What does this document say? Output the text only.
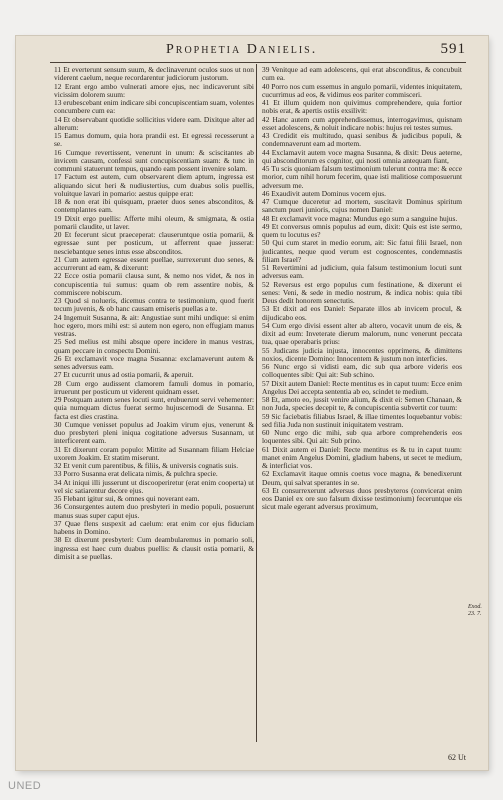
Prophetia Danielis.	591

11 Et everterunt sensum suum, & declinaverunt oculos suos ut non viderent caelum, neque recordarentur judiciorum justorum.

12 Erant ergo ambo vulnerati amore ejus, nec indicaverunt sibi vicissim dolorem suum:

13 erubescebant enim indicare sibi concupiscentiam suam, volentes concumbere cum ea:

14 Et observabant quotidie sollicitius videre eam. Dixitque alter ad alterum:

15 Eamus domum, quia hora prandii est. Et egressi recesserunt a se.

16 Cumque revertissent, venerunt in unum: & sciscitantes ab invicem causam, confessi sunt concupiscentiam suam: & tunc in communi statuerunt tempus, quando eam possent invenire solam.

17 Factum est autem, cum observarent diem aptum, ingressa est aliquando sicut heri & nudiustertius, cum duabus solis puellis, voluitque lavari in pomario: aestus quippe erat:

18 & non erat ibi quisquam, praeter duos senes absconditos, & contemplantes eam.

19 Dixit ergo puellis: Afferte mihi oleum, & smigmata, & ostia pomarii claudite, ut laver.

20 Et fecerunt sicut praeceperat: clauseruntque ostia pomarii, & egressae sunt per posticum, ut afferrent quae jusserat: nesciebantque senes intus esse absconditos.

21 Cum autem egressae essent puellae, surrexerunt duo senes, & accurrerunt ad eam, & dixerunt:

22 Ecce ostia pomarii clausa sunt, & nemo nos videt, & nos in concupiscentia tui sumus: quam ob rem assentire nobis, & commiscere nobiscum.

23 Quod si nolueris, dicemus contra te testimonium, quod fuerit tecum juvenis, & ob hanc causam emiseris puellas a te.

24 Ingemuit Susanna, & ait: Angustiae sunt mihi undique: si enim hoc egero, mors mihi est: si autem non egero, non effugiam manus vestras.

25 Sed melius est mihi absque opere incidere in manus vestras, quam peccare in conspectu Domini.

26 Et exclamavit voce magna Susanna: exclamaverunt autem & senes adversus eam.

27 Et cucurrit unus ad ostia pomarii, & aperuit.

28 Cum ergo audissent clamorem famuli domus in pomario, irruerunt per posticum ut viderent quidnam esset.

29 Postquam autem senes locuti sunt, erubuerunt servi vehementer: quia numquam dictus fuerat sermo hujuscemodi de Susanna. Et facta est dies crastina.

30 Cumque venisset populus ad Joakim virum ejus, venerunt & duo presbyteri pleni iniqua cogitatione adversus Susannam, ut interficerent eam.

31 Et dixerunt coram populo: Mittite ad Susannam filiam Helciae uxorem Joakim. Et statim miserunt.

32 Et venit cum parentibus, & filiis, & universis cognatis suis.

33 Porro Susanna erat delicata nimis, & pulchra specie.

34 At iniqui illi jusserunt ut discooperiretur (erat enim cooperta) ut vel sic satiarentur decore ejus.

35 Flebant igitur sui, & omnes qui noverant eam.

36 Consurgentes autem duo presbyteri in medio populi, posuerunt manus suas super caput ejus.

37 Quae flens suspexit ad caelum: erat enim cor ejus fiduciam habens in Domino.

38 Et dixerunt presbyteri: Cum deambularemus in pomario soli, ingressa est haec cum duabus puellis: & clausit ostia pomarii, & dimisit a se puellas.

39 Venitque ad eam adolescens, qui erat absconditus, & concubuit cum ea.

40 Porro nos cum essemus in angulo pomarii, videntes iniquitatem, cucurrimus ad eos, & vidimus eos pariter commisceri.

41 Et illum quidem non quivimus comprehendere, quia fortior nobis erat, & apertis ostiis exsilivit:

42 Hanc autem cum apprehendissemus, interrogavimus, quisnam esset adolescens, & noluit indicare nobis: hujus rei testes sumus.

43 Credidit eis multitudo, quasi senibus & judicibus populi, & condemnaverunt eam ad mortem.

44 Exclamavit autem voce magna Susanna, & dixit: Deus aeterne, qui absconditorum es cognitor, qui nosti omnia antequam fiant,

45 Tu scis quoniam falsum testimonium tulerunt contra me: & ecce morior, cum nihil horum fecerim, quae isti malitiose composuerunt adversum me.

46 Exaudivit autem Dominus vocem ejus.

47 Cumque duceretur ad mortem, suscitavit Dominus spiritum sanctum pueri junioris, cujus nomen Daniel:

48 Et exclamavit voce magna: Mundus ego sum a sanguine hujus.

49 Et conversus omnis populus ad eum, dixit: Quis est iste sermo, quem tu locutus es?

50 Qui cum staret in medio eorum, ait: Sic fatui filii Israel, non judicantes, neque quod verum est cognoscentes, condemnastis filiam Israel?

51 Revertimini ad judicium, quia falsum testimonium locuti sunt adversus eam.

52 Reversus est ergo populus cum festinatione, & dixerunt ei senes: Veni, & sede in medio nostrum, & indica nobis: quia tibi Deus dedit honorem senectutis.

53 Et dixit ad eos Daniel: Separate illos ab invicem procul, & dijudicabo eos.

54 Cum ergo divisi essent alter ab altero, vocavit unum de eis, & dixit ad eum: Inveterate dierum malorum, nunc venerunt peccata tua, quae operabaris prius:

55 Judicans judicia injusta, innocentes opprimens, & dimittens noxios, dicente Domino: Innocentem & justum non interficies.

56 Nunc ergo si vidisti eam, dic sub qua arbore videris eos colloquentes sibi: Qui ait: Sub schino.

57 Dixit autem Daniel: Recte mentitus es in caput tuum: Ecce enim Angelus Dei accepta sententia ab eo, scindet te medium.

58 Et, amoto eo, jussit venire alium, & dixit ei: Semen Chanaan, & non Juda, species decepit te, & concupiscentia subvertit cor tuum:

59 Sic faciebatis filiabus Israel, & illae timentes loquebantur vobis: sed filia Juda non sustinuit iniquitatem vestram.

60 Nunc ergo dic mihi, sub qua arbore comprehenderis eos loquentes sibi. Qui ait: Sub prino.

61 Dixit autem ei Daniel: Recte mentitus es & tu in caput tuum: manet enim Angelus Domini, gladium habens, ut secet te medium, & interficiat vos.

62 Exclamavit itaque omnis coetus voce magna, & benedixerunt Deum, qui salvat sperantes in se.

63 Et consurrexerunt adversus duos presbyteros (convicerat enim eos Daniel ex ore suo falsum dixisse testimonium) feceruntque eis sicut male egerant adversus proximum,

Exod. 23. 7.
62 Ut
UNED
